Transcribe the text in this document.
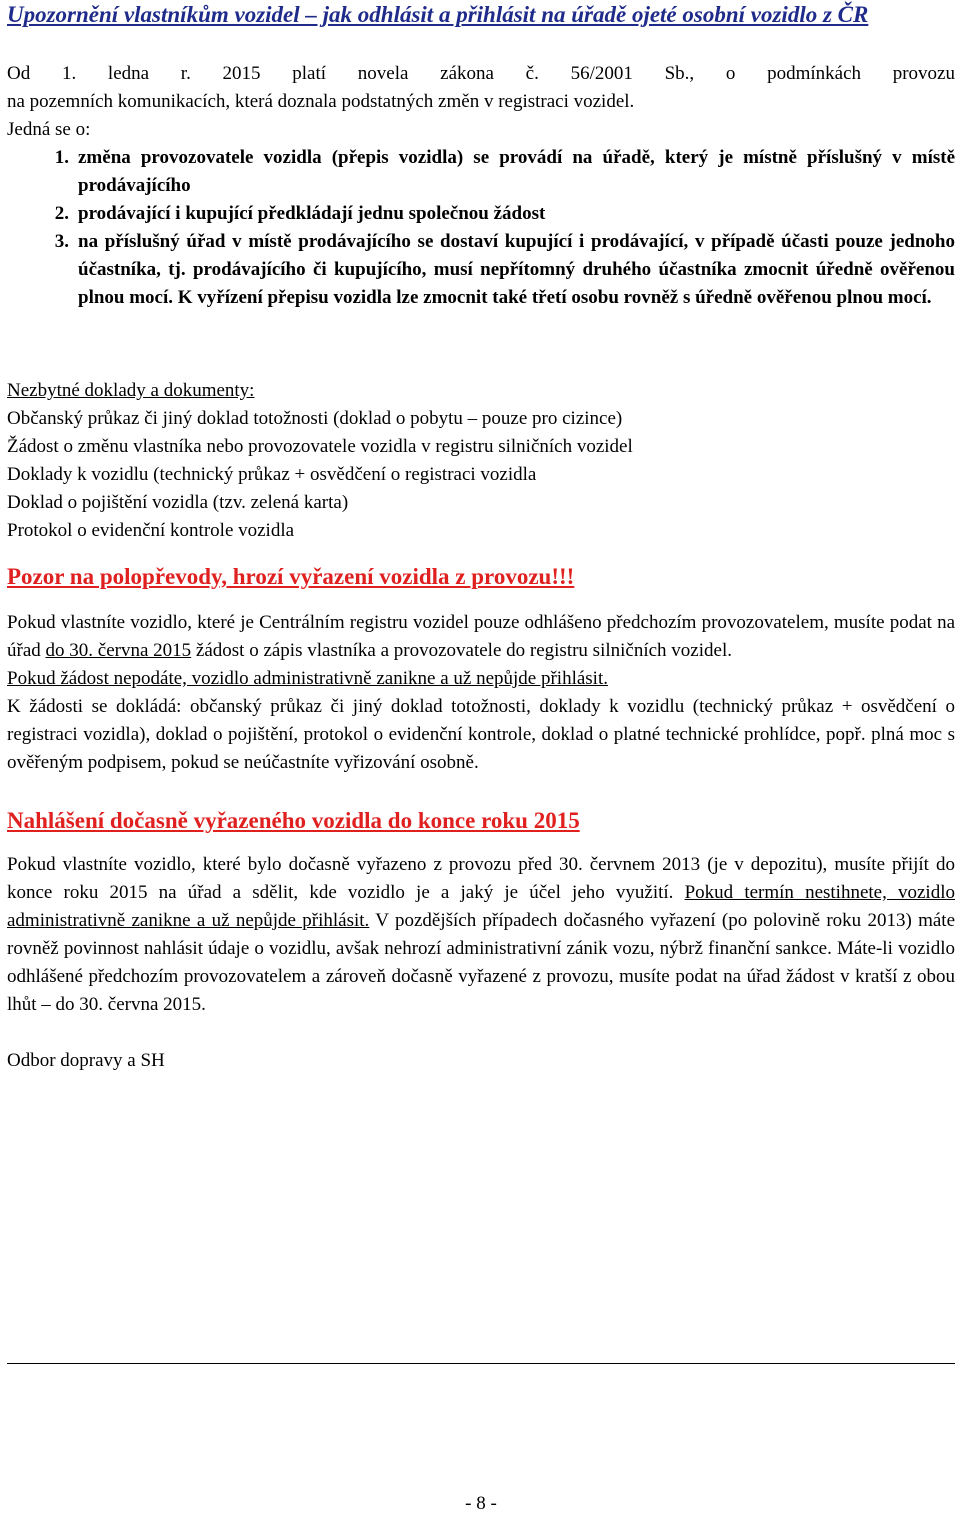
Upozornění vlastníkům vozidel – jak odhlásit a přihlásit na úřadě ojeté osobní vozidlo z ČR

Od 1. ledna r. 2015 platí novela zákona č. 56/2001 Sb., o podmínkách provozu

na pozemních komunikacích, která doznala podstatných změn v registraci vozidel.

Jedná se o:

1. změna provozovatele vozidla (přepis vozidla) se provádí na úřadě, který je místně příslušný v místě prodávajícího
2. prodávající i kupující předkládají jednu společnou žádost
3. na příslušný úřad v místě prodávajícího se dostaví kupující i prodávající, v případě účasti pouze jednoho účastníka, tj. prodávajícího či kupujícího, musí nepřítomný druhého účastníka zmocnit úředně ověřenou plnou mocí. K vyřízení přepisu vozidla lze zmocnit také třetí osobu rovněž s úředně ověřenou plnou mocí.

Nezbytné doklady a dokumenty:

Občanský průkaz či jiný doklad totožnosti (doklad o pobytu – pouze pro cizince)

Žádost o změnu vlastníka nebo provozovatele vozidla v registru silničních vozidel

Doklady k vozidlu (technický průkaz + osvědčení o registraci vozidla

Doklad o pojištění vozidla (tzv. zelená karta)

Protokol o evidenční kontrole vozidla

Pozor na polopřevody, hrozí vyřazení vozidla z provozu!!!

Pokud vlastníte vozidlo, které je Centrálním registru vozidel pouze odhlášeno předchozím provozovatelem, musíte podat na úřad do 30. června 2015 žádost o zápis vlastníka a provozovatele do registru silničních vozidel.

Pokud žádost nepodáte, vozidlo administrativně zanikne a už nepůjde přihlásit.

K žádosti se dokládá: občanský průkaz či jiný doklad totožnosti, doklady k vozidlu (technický průkaz + osvědčení o registraci vozidla), doklad o pojištění, protokol o evidenční kontrole, doklad o platné technické prohlídce, popř. plná moc s ověřeným podpisem, pokud se neúčastníte vyřizování osobně.

Nahlášení dočasně vyřazeného vozidla do konce roku 2015

Pokud vlastníte vozidlo, které bylo dočasně vyřazeno z provozu před 30. červnem 2013 (je v depozitu), musíte přijít do konce roku 2015 na úřad a sdělit, kde vozidlo je a jaký je účel jeho využití. Pokud termín nestihnete, vozidlo administrativně zanikne a už nepůjde přihlásit. V pozdějších případech dočasného vyřazení (po polovině roku 2013) máte rovněž povinnost nahlásit údaje o vozidlu, avšak nehrozí administrativní zánik vozu, nýbrž finanční sankce. Máte-li vozidlo odhlášené předchozím provozovatelem a zároveň dočasně vyřazené z provozu, musíte podat na úřad žádost v kratší z obou lhůt – do 30. června 2015.

Odbor dopravy a SH

- 8 -
